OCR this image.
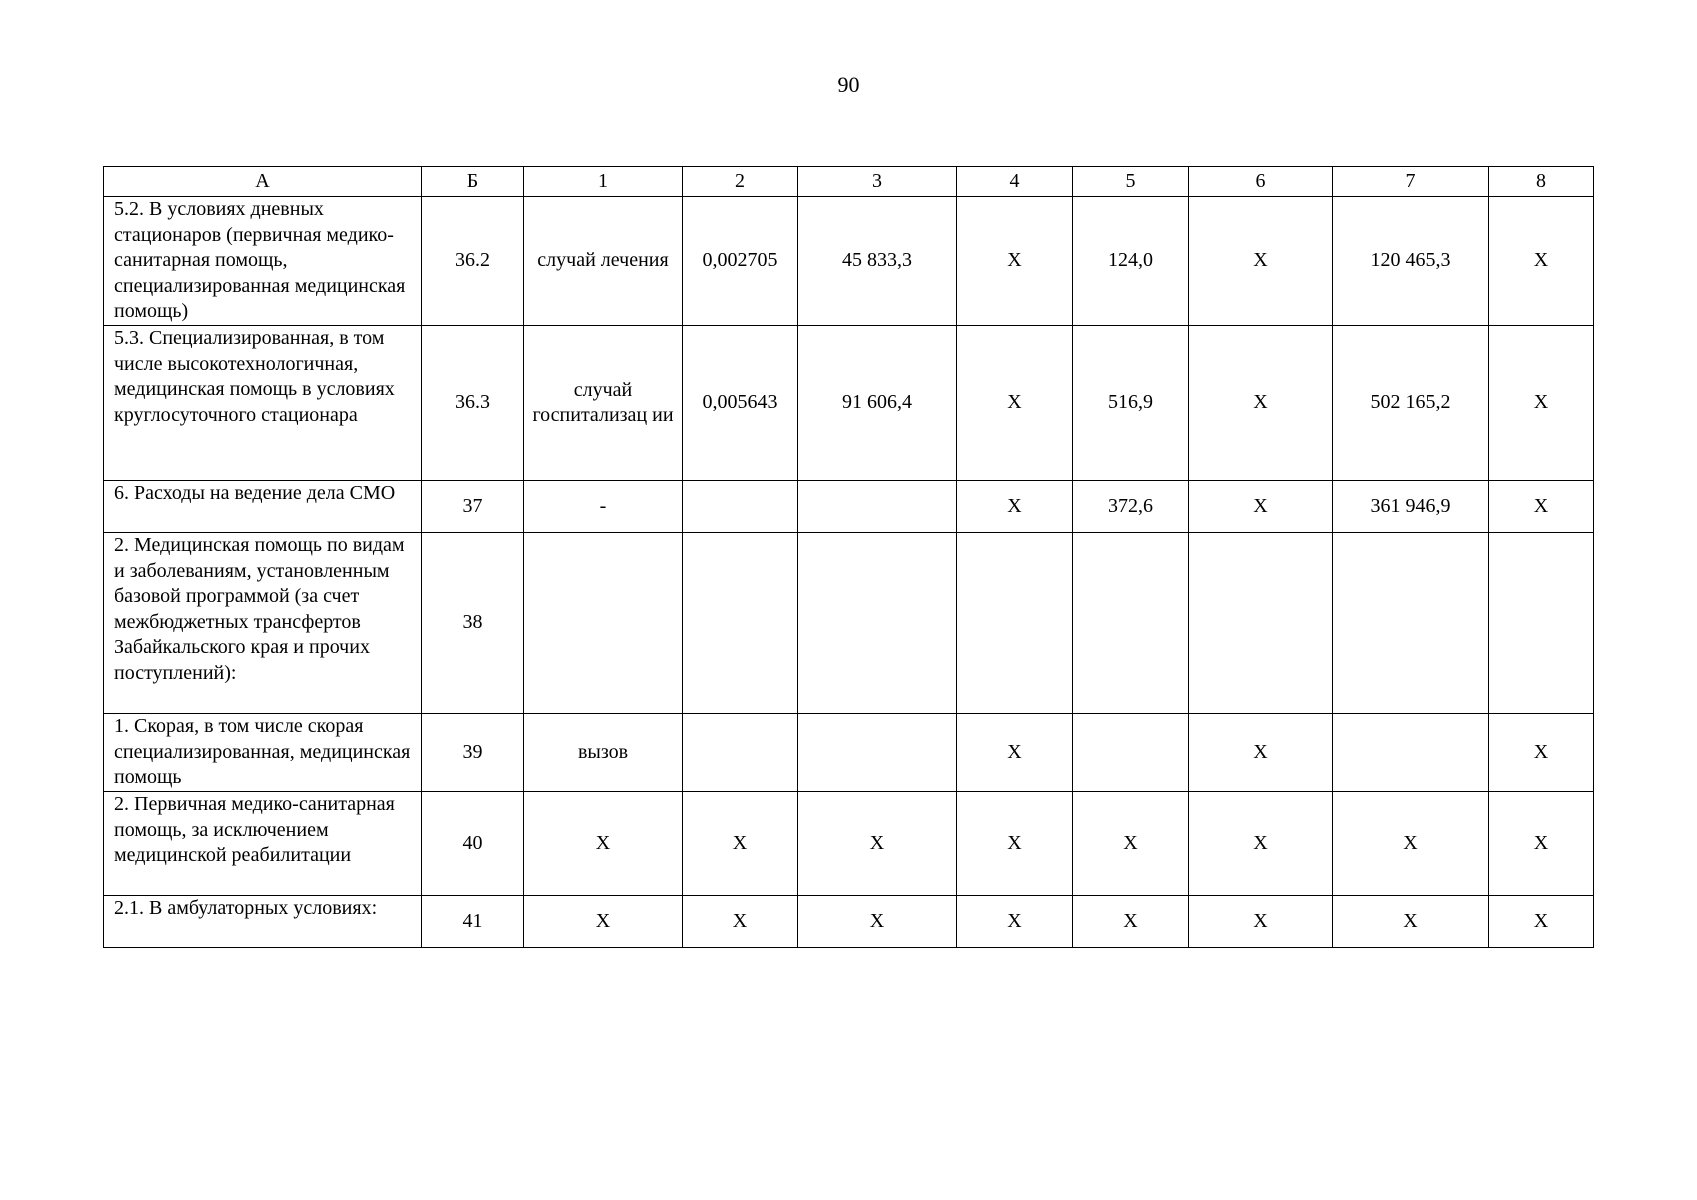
90
А	Б	1	2	3	4	5	6	7	8
5.2. В условиях дневных стационаров (первичная медико-санитарная помощь, специализированная медицинская помощь)	36.2	случай лечения	0,002705	45 833,3	X	124,0	X	120 465,3	X
5.3. Специализированная, в том числе высокотехнологичная, медицинская помощь в условиях круглосуточного стационара	36.3	случай госпитализац ии	0,005643	91 606,4	X	516,9	X	502 165,2	X
6. Расходы на ведение дела СМО	37	-			X	372,6	X	361 946,9	X
2. Медицинская помощь по видам и заболеваниям, установленным базовой программой (за счет межбюджетных трансфертов Забайкальского края и прочих поступлений):	38								
1. Скорая, в том числе скорая специализированная, медицинская помощь	39	вызов			X		X		X
2. Первичная медико-санитарная помощь, за исключением медицинской реабилитации	40	X	X	X	X	X	X	X	X
2.1. В амбулаторных условиях:	41	X	X	X	X	X	X	X	X
